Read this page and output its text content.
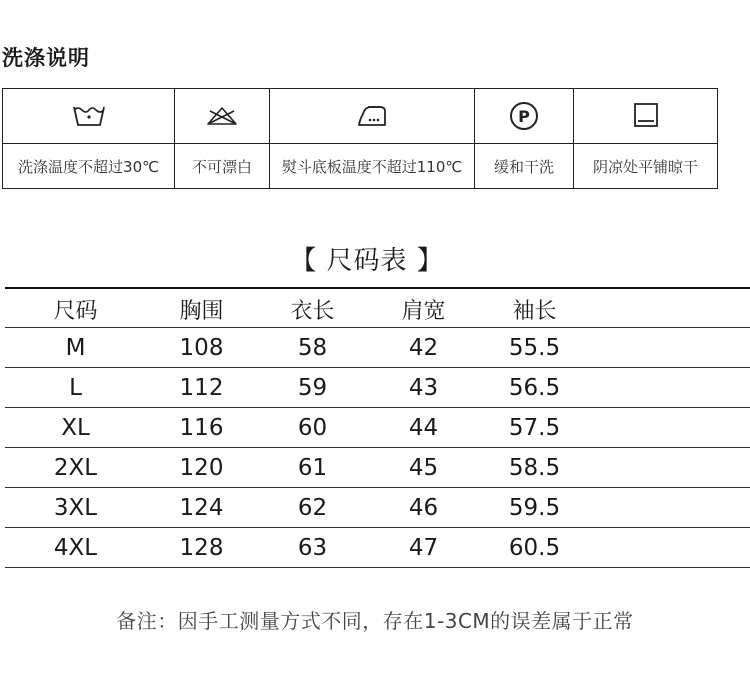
洗涤说明

P

洗涤温度不超过30℃	不可漂白	熨斗底板温度不超过110℃	缓和干洗	阴凉处平铺晾干
【 尺码表 】
尺码	胸围	衣长	肩宽	袖长	
M	108	58	42	55.5	
L	112	59	43	56.5	
XL	116	60	44	57.5	
2XL	120	61	45	58.5	
3XL	124	62	46	59.5	
4XL	128	63	47	60.5	
备注：因手工测量方式不同，存在1-3CM的误差属于正常
